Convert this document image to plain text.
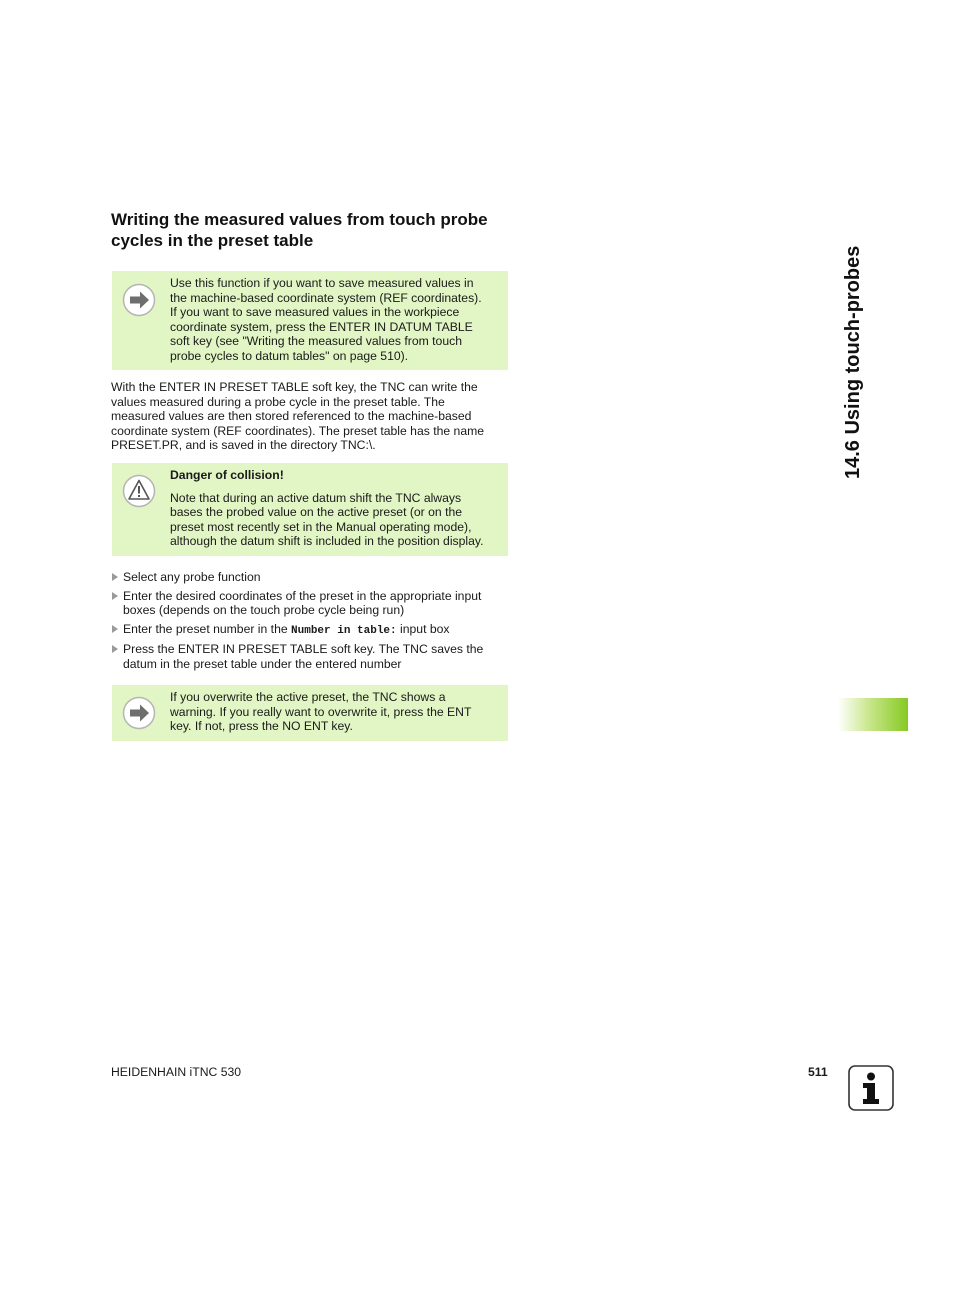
Writing the measured values from touch probe cycles in the preset table

Use this function if you want to save measured values in

the machine-based coordinate system (REF coordinates).

If you want to save measured values in the workpiece

coordinate system, press the ENTER IN DATUM TABLE

soft key (see "Writing the measured values from touch

probe cycles to datum tables" on page 510).

With the ENTER IN PRESET TABLE soft key, the TNC can write the
values measured during a probe cycle in the preset table. The
measured values are then stored referenced to the machine-based
coordinate system (REF coordinates). The preset table has the name
PRESET.PR, and is saved in the directory TNC:\.

Danger of collision!

Note that during an active datum shift the TNC always

bases the probed value on the active preset (or on the

preset most recently set in the Manual operating mode),

although the datum shift is included in the position display.

Select any probe function
Enter the desired coordinates of the preset in the appropriate input
boxes (depends on the touch probe cycle being run)
Enter the preset number in the Number in table: input box
Press the ENTER IN PRESET TABLE soft key. The TNC saves the
datum in the preset table under the entered number

If you overwrite the active preset, the TNC shows a

warning. If you really want to overwrite it, press the ENT

key. If not, press the NO ENT key.

14.6 Using touch-probes
HEIDENHAIN iTNC 530	511
